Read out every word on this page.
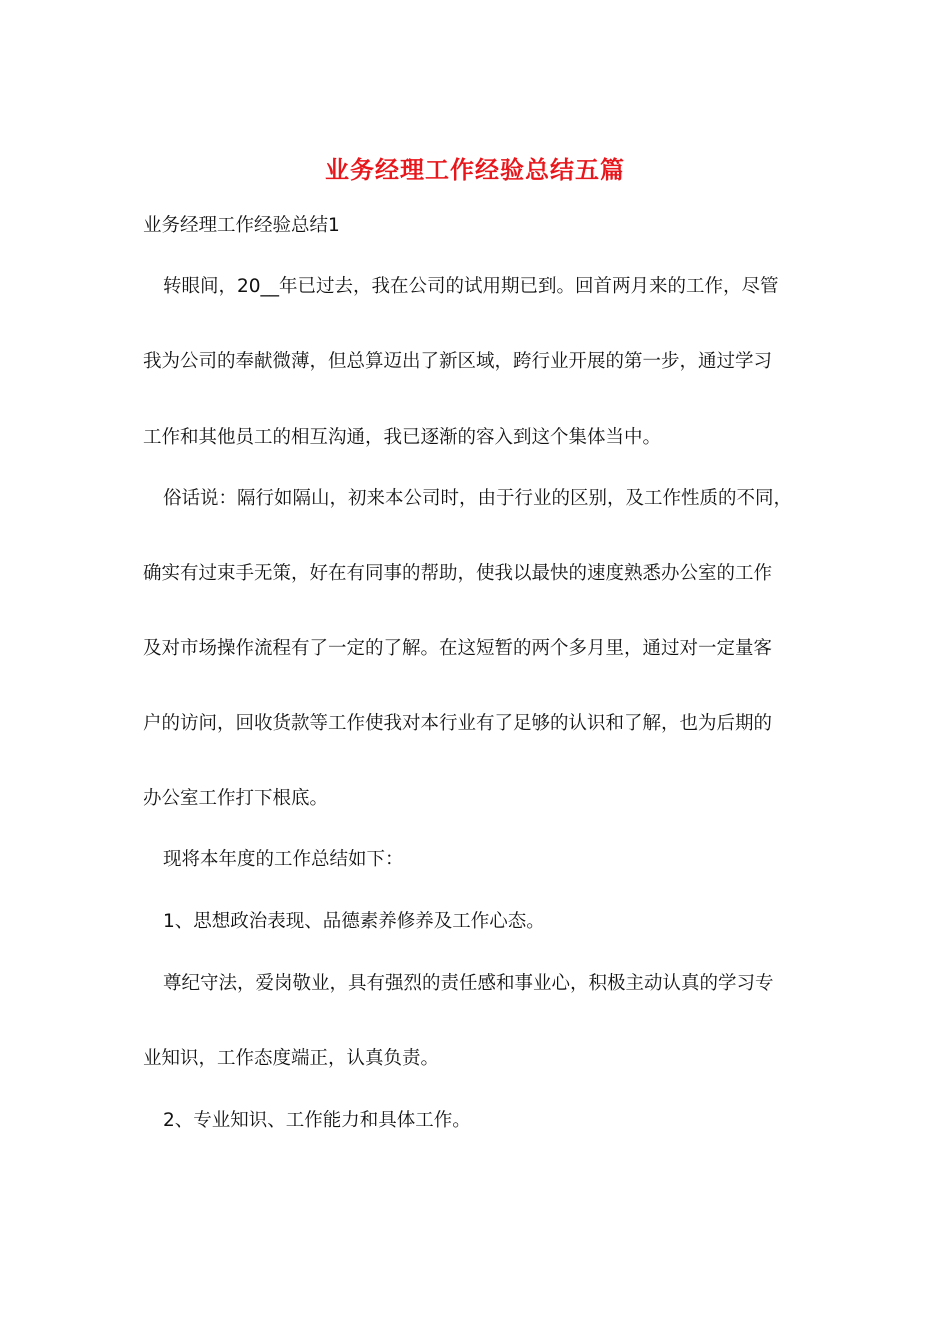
业务经理工作经验总结五篇
业务经理工作经验总结1
转眼间，20__年已过去，我在公司的试用期已到。回首两月来的工作，尽管
我为公司的奉献微薄，但总算迈出了新区域，跨行业开展的第一步，通过学习
工作和其他员工的相互沟通，我已逐渐的容入到这个集体当中。
俗话说：隔行如隔山，初来本公司时，由于行业的区别，及工作性质的不同，
确实有过束手无策，好在有同事的帮助，使我以最快的速度熟悉办公室的工作
及对市场操作流程有了一定的了解。在这短暂的两个多月里，通过对一定量客
户的访问，回收货款等工作使我对本行业有了足够的认识和了解，也为后期的
办公室工作打下根底。
现将本年度的工作总结如下：
1、思想政治表现、品德素养修养及工作心态。
尊纪守法，爱岗敬业，具有强烈的责任感和事业心，积极主动认真的学习专
业知识，工作态度端正，认真负责。
2、专业知识、工作能力和具体工作。
